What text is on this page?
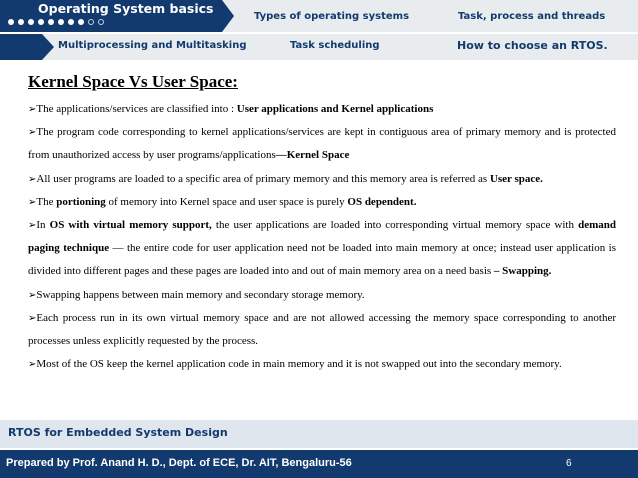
Operating System basics
Types of operating systems	Task, process and threads
Multiprocessing and Multitasking	Task scheduling	How to choose an RTOS.
Kernel Space Vs User Space:

➢The applications/services are classified into : User applications and Kernel applications

➢The program code corresponding to kernel applications/services are kept in contiguous area of primary memory and is protected from unauthorized access by user programs/applications—Kernel Space

➢All user programs are loaded to a specific area of primary memory and this memory area is referred as User space.

➢The portioning of memory into Kernel space and user space is purely OS dependent.

➢In OS with virtual memory support, the user applications are loaded into corresponding virtual memory space with demand paging technique — the entire code for user application need not be loaded into main memory at once; instead user application is divided into different pages and these pages are loaded into and out of main memory area on a need basis – Swapping.

➢Swapping happens between main memory and secondary storage memory.

➢Each process run in its own virtual memory space and are not allowed accessing the memory space corresponding to another processes unless explicitly requested by the process.

➢Most of the OS keep the kernel application code in main memory and it is not swapped out into the secondary memory.

RTOS for Embedded System Design
Prepared by Prof. Anand H. D., Dept. of ECE, Dr. AIT, Bengaluru-56	6
